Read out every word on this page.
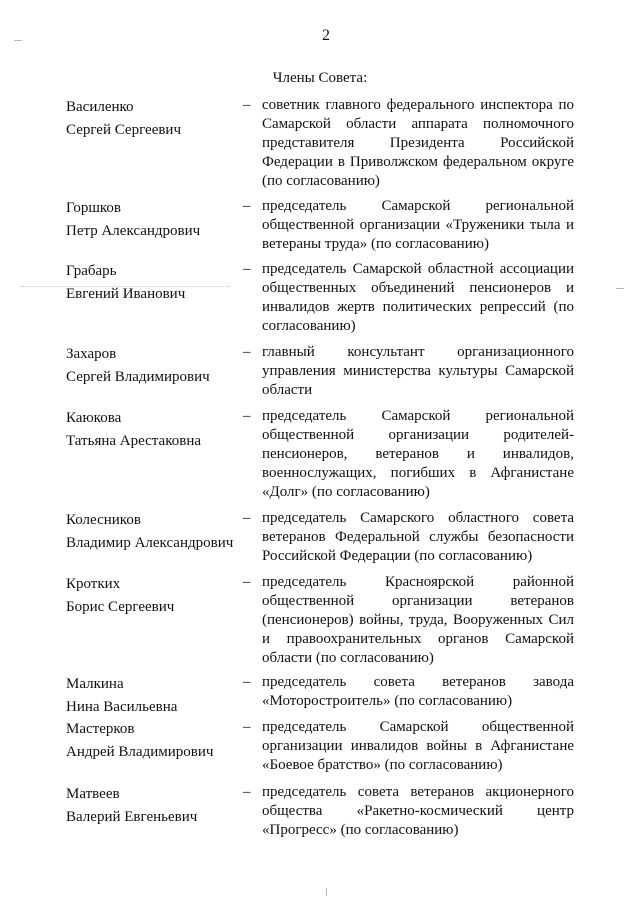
2
Члены Совета:
Василенко
Сергей Сергеевич
– советник главного федерального инспектора по Самарской области аппарата полномочного представителя Президента Российской Федерации в Приволжском федеральном округе (по согласованию)
Горшков
Петр Александрович
– председатель Самарской региональной общественной организации «Труженики тыла и ветераны труда» (по согласованию)
Грабарь
Евгений Иванович
– председатель Самарской областной ассоциации общественных объединений пенсионеров и инвалидов жертв политических репрессий (по согласованию)
Захаров
Сергей Владимирович
– главный консультант организационного управления министерства культуры Самарской области
Каюкова
Татьяна Арестаковна
– председатель Самарской региональной общественной организации родителей-пенсионеров, ветеранов и инвалидов, военнослужащих, погибших в Афганистане «Долг» (по согласованию)
Колесников
Владимир Александрович
– председатель Самарского областного совета ветеранов Федеральной службы безопасности Российской Федерации (по согласованию)
Кротких
Борис Сергеевич
– председатель Красноярской районной общественной организации ветеранов (пенсионеров) войны, труда, Вооруженных Сил и правоохранительных органов Самарской области (по согласованию)
Малкина
Нина Васильевна
– председатель совета ветеранов завода «Моторостроитель» (по согласованию)
Мастерков
Андрей Владимирович
– председатель Самарской общественной организации инвалидов войны в Афганистане «Боевое братство» (по согласованию)
Матвеев
Валерий Евгеньевич
– председатель совета ветеранов акционерного общества «Ракетно-космический центр «Прогресс» (по согласованию)
